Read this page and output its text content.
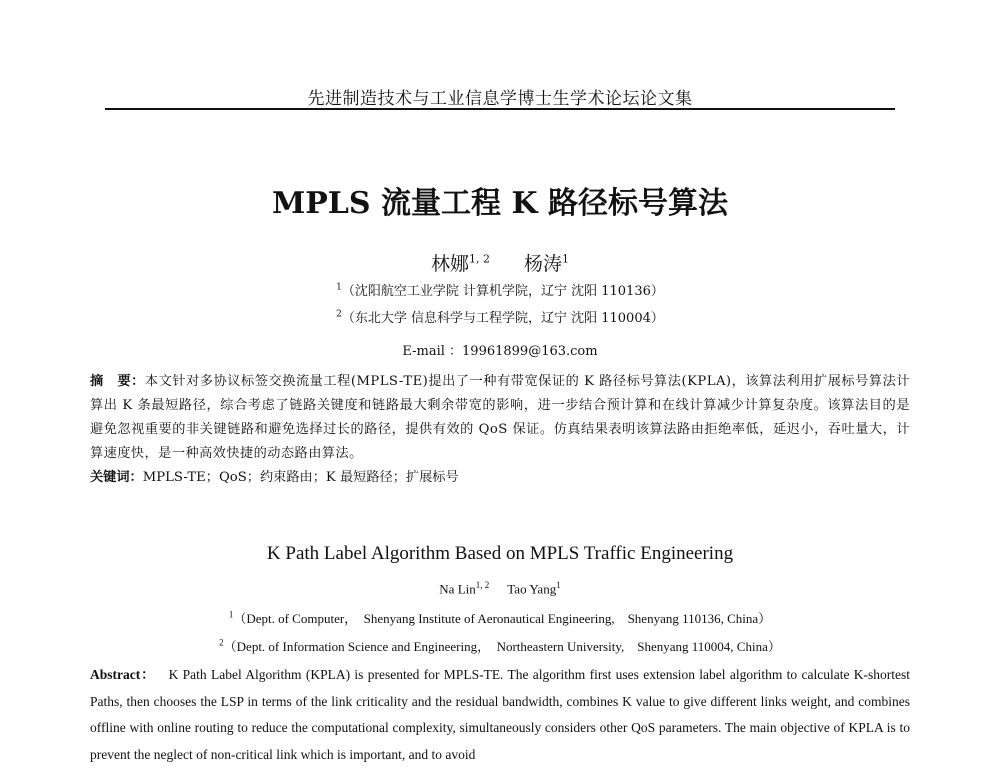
先进制造技术与工业信息学博士生学术论坛论文集
MPLS 流量工程 K 路径标号算法
林娜$^{1, 2}$ 杨涛$^1$
$^1$（沈阳航空工业学院 计算机学院，辽宁 沈阳 110136）
$^2$（东北大学 信息科学与工程学院，辽宁 沈阳 110004）
E-mail ：19961899@163.com
摘　要：本文针对多协议标签交换流量工程(MPLS-TE)提出了一种有带宽保证的 K 路径标号算法(KPLA)，该算法利用扩展标号算法计算出 K 条最短路径，综合考虑了链路关键度和链路最大剩余带宽的影响，进一步结合预计算和在线计算减少计算复杂度。该算法目的是避免忽视重要的非关键链路和避免选择过长的路径，提供有效的 QoS 保证。仿真结果表明该算法路由拒绝率低，延迟小，吞吐量大，计算速度快，是一种高效快捷的动态路由算法。
关键词：MPLS-TE；QoS；约束路由；K 最短路径；扩展标号
K Path Label Algorithm Based on MPLS Traffic Engineering
Na Lin$^{1, 2}$ Tao Yang$^1$
$^1$（Dept. of Computer，　Shenyang Institute of Aeronautical Engineering,　Shenyang 110136, China）
$^2$（Dept. of Information Science and Engineering，　Northeastern University,　Shenyang 110004, China）
Abstract： K Path Label Algorithm (KPLA) is presented for MPLS-TE. The algorithm first uses extension label algorithm to calculate K-shortest Paths, then chooses the LSP in terms of the link criticality and the residual bandwidth, combines K value to give different links weight, and combines offline with online routing to reduce the computational complexity, simultaneously considers other QoS parameters. The main objective of KPLA is to prevent the neglect of non-critical link which is important, and to avoid
